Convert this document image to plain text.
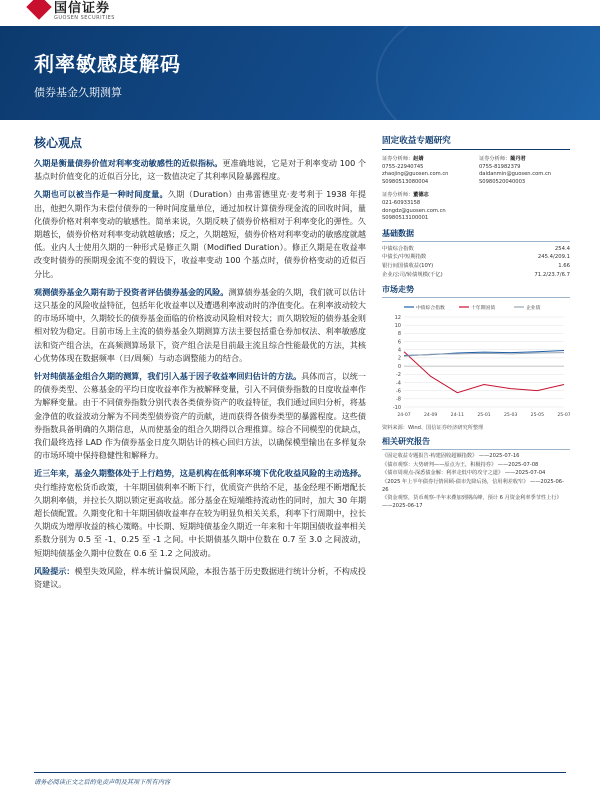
国信证券
GUOSEN SECURITIES
利率敏感度解码
债券基金久期测算
核心观点

久期是衡量债券价值对利率变动敏感性的近似指标。更准确地说，它是对于利率变动 100 个基点时价值变化的近似百分比，这一数值决定了其利率风险暴露程度。

久期也可以被当作是一种时间度量。久期（Duration）由弗雷德里克·麦考利于 1938 年提出，他把久期作为未偿付债券的一种时间度量单位，通过加权计算债券现金流的回收时间，量化债券价格对利率变动的敏感性。简单来说，久期反映了债券价格相对于利率变化的弹性。久期越长，债券价格对利率变动就越敏感；反之，久期越短，债券价格对利率变动的敏感度就越低。业内人士使用久期的一种形式是修正久期（Modified Duration）。修正久期是在收益率改变时债券的预期现金流不变的假设下，收益率变动 100 个基点时，债券价格变动的近似百分比。

观测债券基金久期有助于投资者评估债券基金的风险。测算债券基金的久期，我们就可以估计这只基金的风险收益特征，包括年化收益率以及遭遇利率波动时的净值变化。在利率波动较大的市场环境中，久期较长的债券基金面临的价格波动风险相对较大；而久期较短的债券基金则相对较为稳定。目前市场上主流的债券基金久期测算方法主要包括重仓券加权法、利率敏感度法和资产组合法，在高频测算场景下，资产组合法是目前最主流且综合性能最优的方法，其核心优势体现在数据频率（日/周频）与动态调整能力的结合。

针对纯债基金组合久期的测算，我们引入基于因子收益率回归估计的方法。具体而言，以统一的债券类型、公募基金的平均日度收益率作为被解释变量，引入不同债券指数的日度收益率作为解释变量。由于不同债券指数分别代表各类债券资产的收益特征，我们通过回归分析，将基金净值的收益波动分解为不同类型债券资产的贡献，进而获得各债券类型的暴露程度。这些债券指数具备明确的久期信息，从而使基金的组合久期得以合理推算。综合不同模型的优缺点，我们最终选择 LAD 作为债券基金日度久期估计的核心回归方法，以确保模型输出在多样复杂的市场环境中保持稳健性和解释力。

近三年来，基金久期整体处于上行趋势，这是机构在低利率环境下优化收益风险的主动选择。央行维持宽松货币政策，十年期国债利率不断下行，优质资产供给不足，基金经理不断增配长久期利率债，并拉长久期以锁定更高收益。部分基金在短端维持流动性的同时，加大 30 年期超长债配置。久期变化和十年期国债收益率存在较为明显负相关关系，利率下行周期中，拉长久期成为增厚收益的核心策略。中长期、短期纯债基金久期近一年来和十年期国债收益率相关系数分别为 0.5 至 -1、0.25 至 -1 之间。中长期债基久期中位数在 0.7 至 3.0 之间波动，短期纯债基金久期中位数在 0.6 至 1.2 之间波动。

风险提示：模型失效风险，样本统计偏误风险，本报告基于历史数据进行统计分析，不构成投资建议。

固定收益专题研究
证券分析师：赵婧
0755-22940745
zhaojing@guosen.com.cn
S0980513080004
证券分析师：蔺丹君
0755-81982379
daidanmin@guosen.com.cn
S0980520040003
证券分析师：董德志
021-60933158
dongdz@guosen.com.cn
S0980513100001
基础数据
中债综合指数	254.4
中债长/中短期指数	245.4/209.1
银行间国债收益(10Y)	1.66
企业/公司/转债规模(千亿)	71.2/23.7/6.7
市场走势
12
10
8
6
4
2
0
-2
-4
-6
-8
-10
24-07	24-09	24-11	25-01	25-03	25-05	25-07
中债综合指数	十年期国债	企业债
资料来源：Wind、国信证券经济研究所整理
相关研究报告
《固定收益专题报告-构建固收超额指数》 ——2025-07-16
《债市观察：大势研判——原点为王，积极持券》 ——2025-07-08
《债市周观点-深悉债金解：利率走低中的攻守之道》 ——2025-07-04
《2025 年上半年债券行情回顾-债市先降后扬，信用利差收窄》 ——2025-06-26
《资金观察，货币观察-半年末叠加到期高峰，预计 6 月资金利率季节性上行》 ——2025-06-17
请务必阅读正文之后的免责声明及其项下所有内容
